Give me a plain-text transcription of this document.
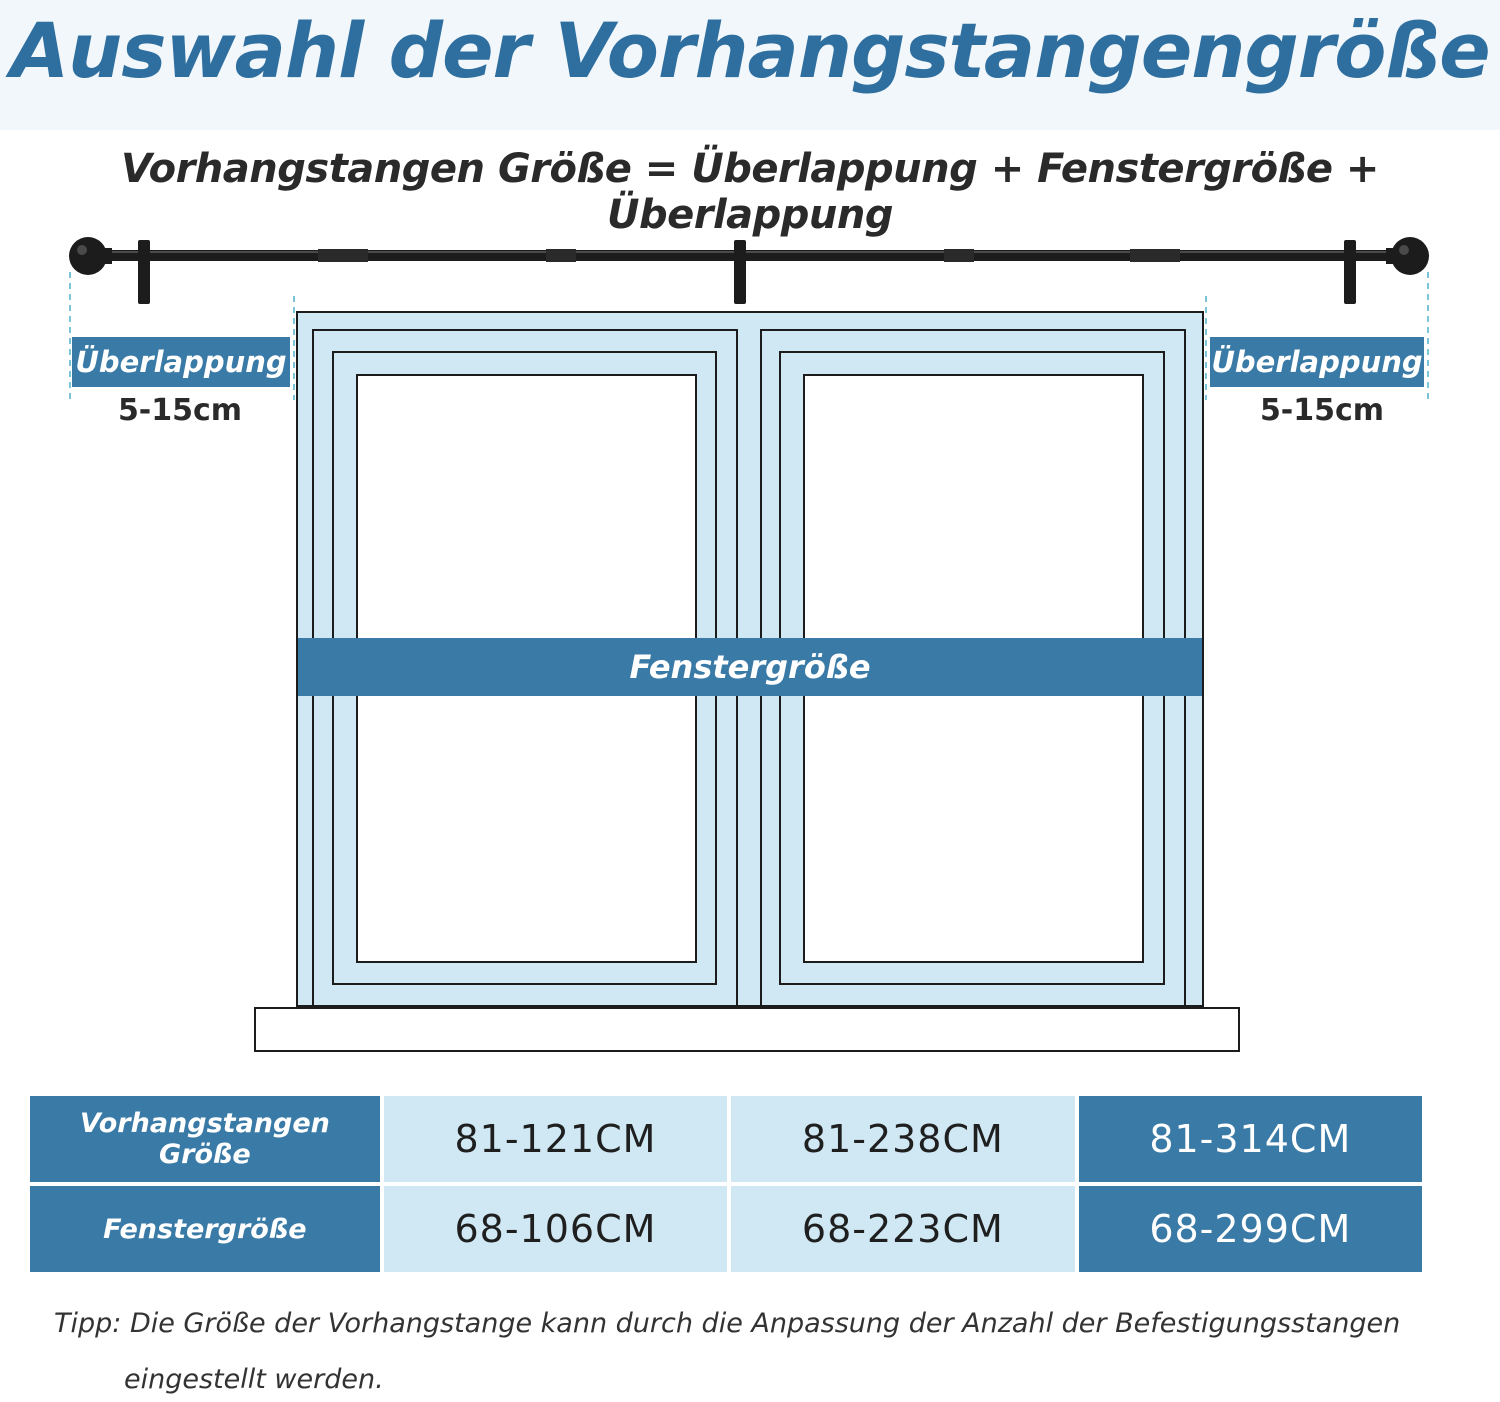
Auswahl der Vorhangstangengröße
Vorhangstangen Größe = Überlappung + Fenstergröße + Überlappung
Überlappung
5-15cm
Überlappung
5-15cm
Fenstergröße
Vorhangstangen Größe	81-121CM	81-238CM	81-314CM
Fenstergröße	68-106CM	68-223CM	68-299CM
Tipp: Die Größe der Vorhangstange kann durch die Anpassung der Anzahl der Befestigungsstangen
eingestellt werden.
